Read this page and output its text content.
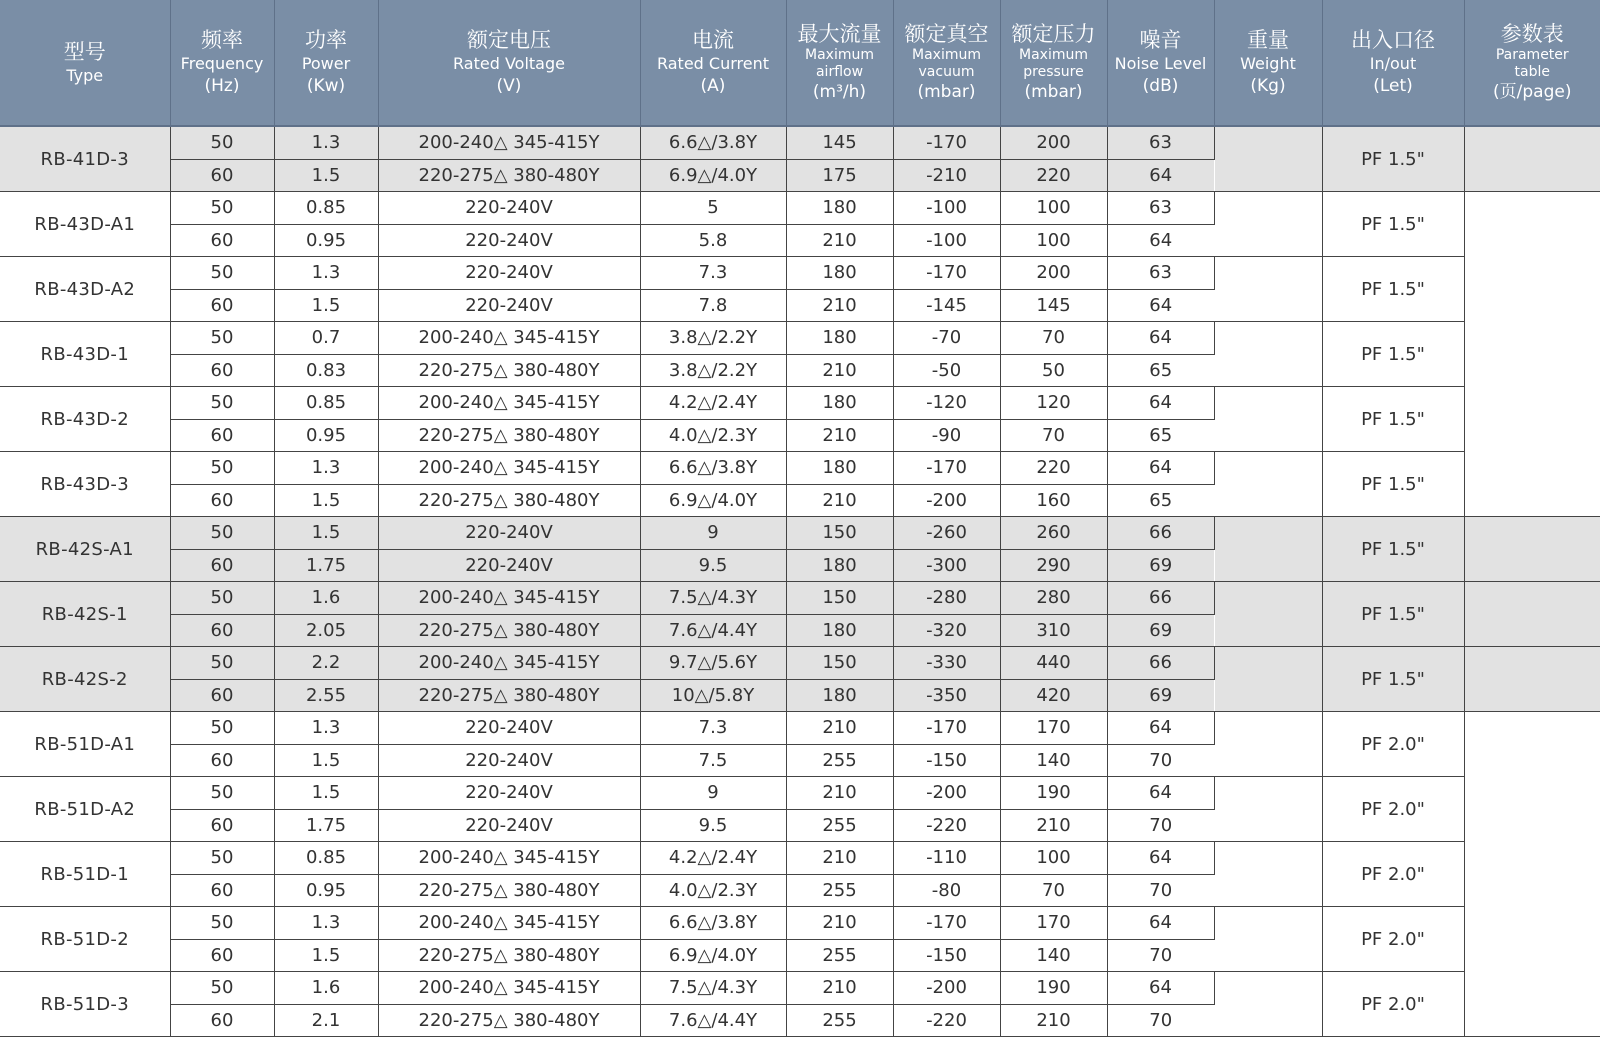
型号
Type	频率
Frequency
(Hz)	功率
Power
(Kw)	额定电压
Rated Voltage
(V)	电流
Rated Current
(A)	最大流量
Maximum
airflow
(m³/h)	额定真空
Maximum
vacuum
(mbar)	额定压力
Maximum
pressure
(mbar)	噪音
Noise Level
(dB)	重量
Weight
(Kg)	出入口径
In/out
(Let)	参数表
Parameter
table
(页/page)

RB-41D-3	50	1.3	200-240△ 345-415Y	6.6△/3.8Y	145	-170	200	63		PF 1.5"	
	60	1.5	220-275△ 380-480Y	6.9△/4.0Y	175	-210	220	64			
RB-43D-A1	50	0.85	220-240V	5	180	-100	100	63		PF 1.5"	
	60	0.95	220-240V	5.8	210	-100	100	64			
RB-43D-A2	50	1.3	220-240V	7.3	180	-170	200	63		PF 1.5"	
	60	1.5	220-240V	7.8	210	-145	145	64			
RB-43D-1	50	0.7	200-240△ 345-415Y	3.8△/2.2Y	180	-70	70	64		PF 1.5"	
	60	0.83	220-275△ 380-480Y	3.8△/2.2Y	210	-50	50	65			
RB-43D-2	50	0.85	200-240△ 345-415Y	4.2△/2.4Y	180	-120	120	64		PF 1.5"	
	60	0.95	220-275△ 380-480Y	4.0△/2.3Y	210	-90	70	65			
RB-43D-3	50	1.3	200-240△ 345-415Y	6.6△/3.8Y	180	-170	220	64		PF 1.5"	
	60	1.5	220-275△ 380-480Y	6.9△/4.0Y	210	-200	160	65			
RB-42S-A1	50	1.5	220-240V	9	150	-260	260	66		PF 1.5"	
	60	1.75	220-240V	9.5	180	-300	290	69			
RB-42S-1	50	1.6	200-240△ 345-415Y	7.5△/4.3Y	150	-280	280	66		PF 1.5"	
	60	2.05	220-275△ 380-480Y	7.6△/4.4Y	180	-320	310	69			
RB-42S-2	50	2.2	200-240△ 345-415Y	9.7△/5.6Y	150	-330	440	66		PF 1.5"	
	60	2.55	220-275△ 380-480Y	10△/5.8Y	180	-350	420	69			
RB-51D-A1	50	1.3	220-240V	7.3	210	-170	170	64		PF 2.0"	
	60	1.5	220-240V	7.5	255	-150	140	70			
RB-51D-A2	50	1.5	220-240V	9	210	-200	190	64		PF 2.0"	
	60	1.75	220-240V	9.5	255	-220	210	70			
RB-51D-1	50	0.85	200-240△ 345-415Y	4.2△/2.4Y	210	-110	100	64		PF 2.0"	
	60	0.95	220-275△ 380-480Y	4.0△/2.3Y	255	-80	70	70			
RB-51D-2	50	1.3	200-240△ 345-415Y	6.6△/3.8Y	210	-170	170	64		PF 2.0"	
	60	1.5	220-275△ 380-480Y	6.9△/4.0Y	255	-150	140	70			
RB-51D-3	50	1.6	200-240△ 345-415Y	7.5△/4.3Y	210	-200	190	64		PF 2.0"	
	60	2.1	220-275△ 380-480Y	7.6△/4.4Y	255	-220	210	70			
